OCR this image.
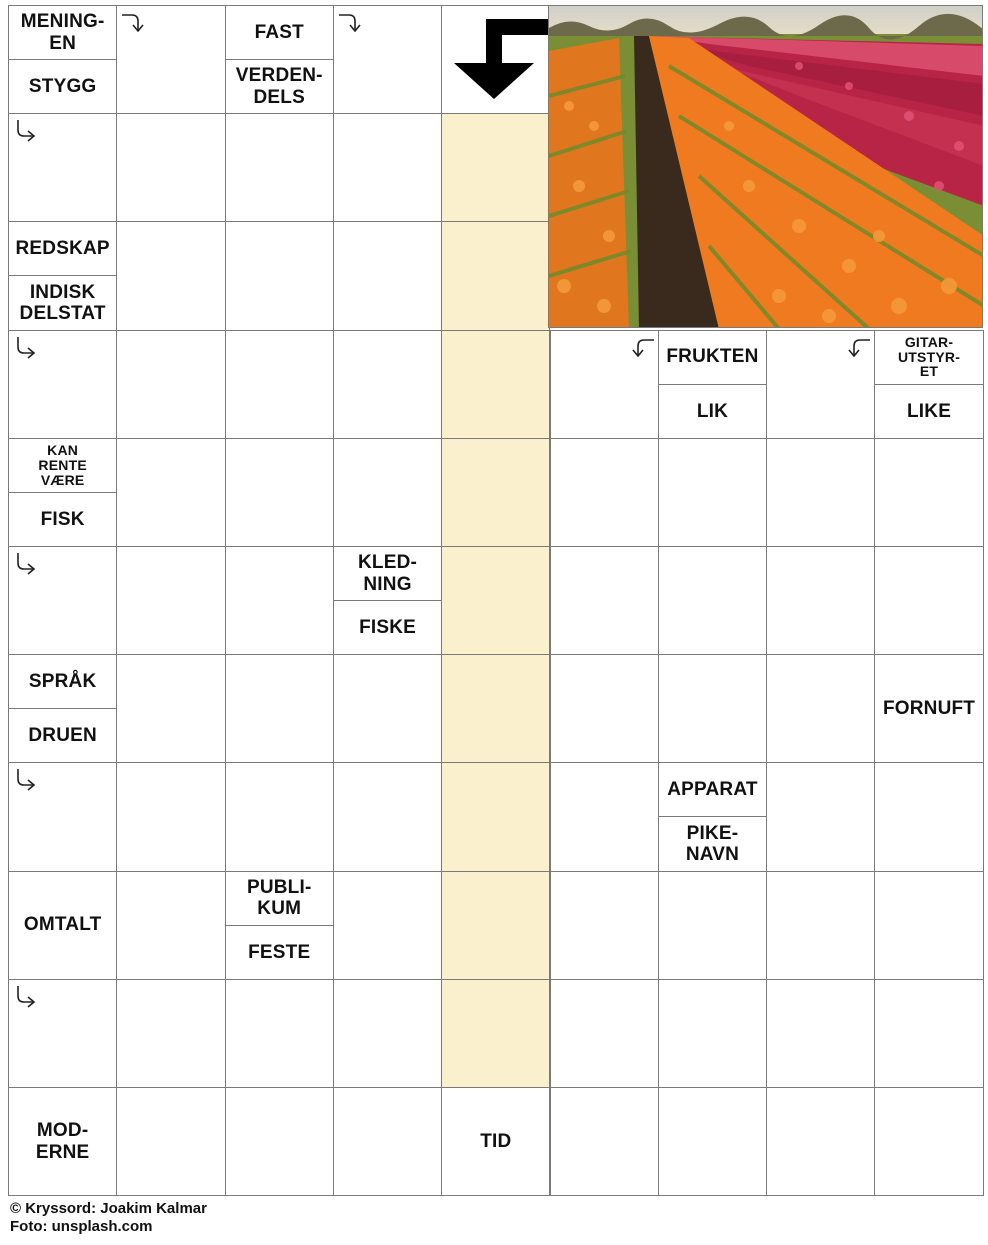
MENING-
EN
STYGG
FAST
VERDEN-
DELS
REDSKAP
INDISK
DELSTAT
FRUKTEN
LIK
GITAR-
UTSTYR-
ET
LIKE
KAN
RENTE
VÆRE
FISK
KLED-
NING
FISKE
SPRÅK
DRUEN
FORNUFT
APPARAT
PIKE-
NAVN
OMTALT
PUBLI-
KUM
FESTE
MOD-
ERNE
TID
© Kryssord: Joakim Kalmar
Foto: unsplash.com
